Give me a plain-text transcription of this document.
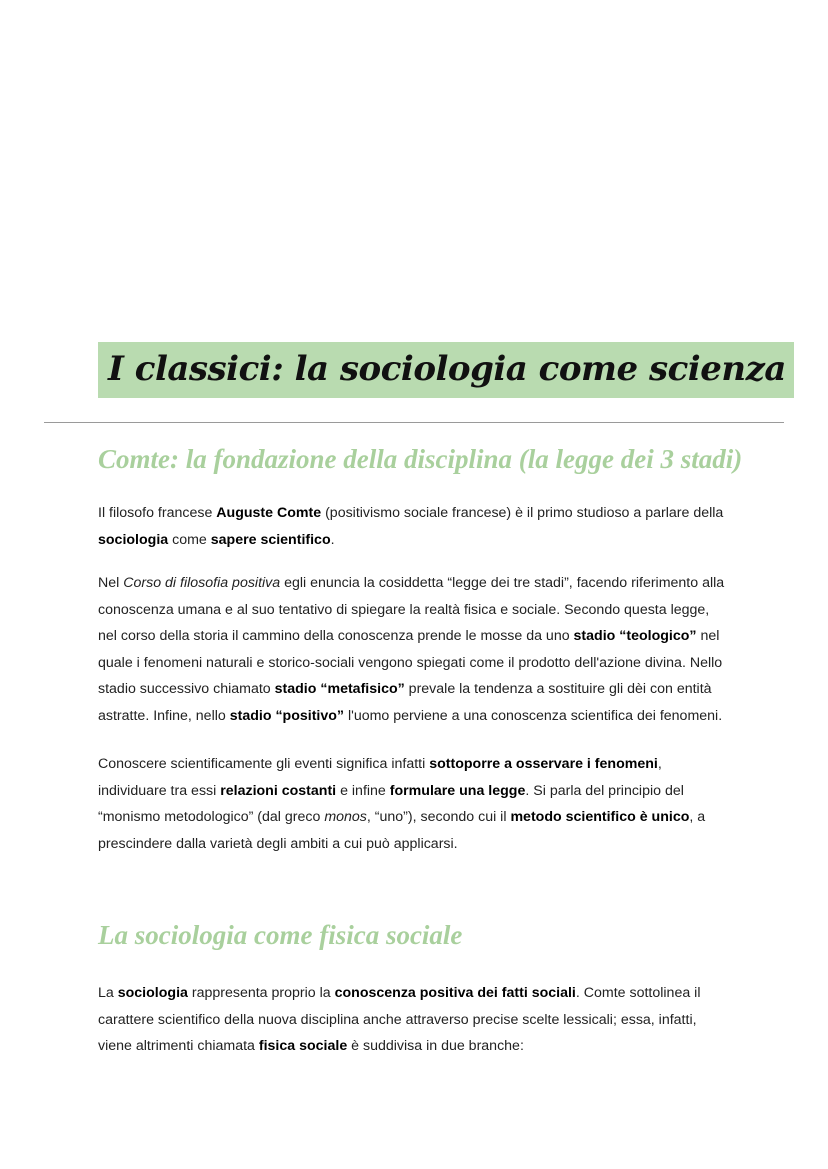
I classici: la sociologia come scienza
Comte: la fondazione della disciplina (la legge dei 3 stadi)

Il filosofo francese Auguste Comte (positivismo sociale francese) è il primo studioso a parlare della sociologia come sapere scientifico.

Nel Corso di filosofia positiva egli enuncia la cosiddetta “legge dei tre stadi”, facendo riferimento alla conoscenza umana e al suo tentativo di spiegare la realtà fisica e sociale. Secondo questa legge, nel corso della storia il cammino della conoscenza prende le mosse da uno stadio “teologico” nel quale i fenomeni naturali e storico-sociali vengono spiegati come il prodotto dell'azione divina. Nello stadio successivo chiamato stadio “metafisico” prevale la tendenza a sostituire gli dèi con entità astratte. Infine, nello stadio “positivo” l'uomo perviene a una conoscenza scientifica dei fenomeni.

Conoscere scientificamente gli eventi significa infatti sottoporre a osservare i fenomeni, individuare tra essi relazioni costanti e infine formulare una legge. Si parla del principio del “monismo metodologico” (dal greco monos, “uno”), secondo cui il metodo scientifico è unico, a prescindere dalla varietà degli ambiti a cui può applicarsi.

La sociologia come fisica sociale

La sociologia rappresenta proprio la conoscenza positiva dei fatti sociali. Comte sottolinea il carattere scientifico della nuova disciplina anche attraverso precise scelte lessicali; essa, infatti, viene altrimenti chiamata fisica sociale è suddivisa in due branche:
